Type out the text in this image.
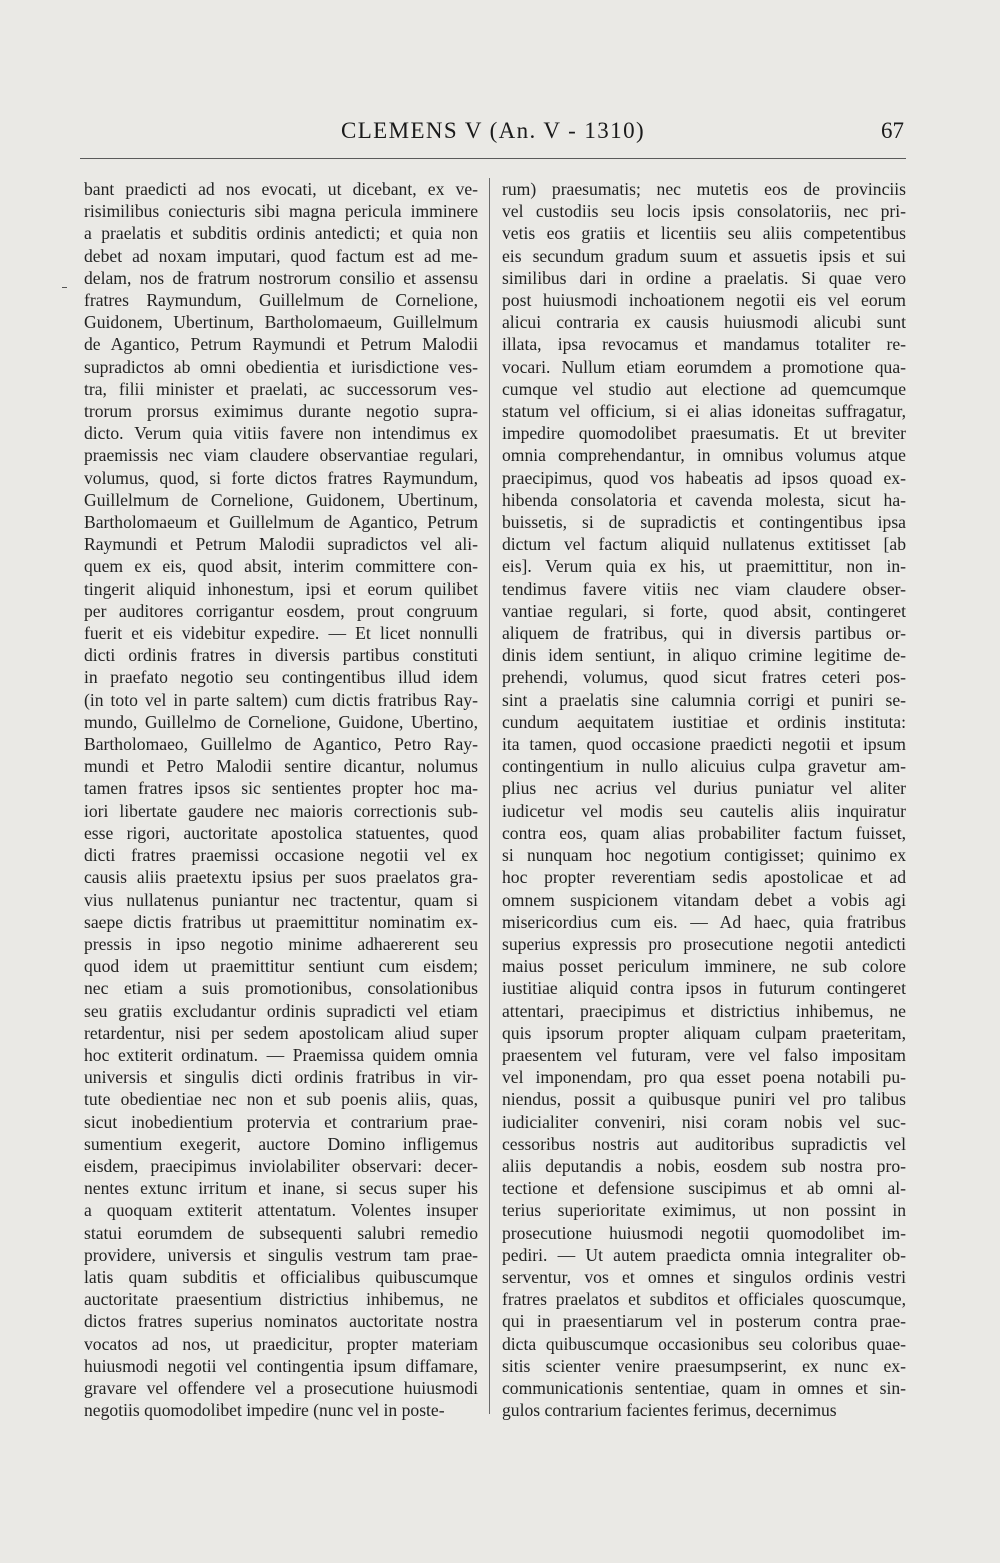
CLEMENS V (An. V - 1310)	67
bant praedicti ad nos evocati, ut dicebant, ex ve-
risimilibus coniecturis sibi magna pericula imminere
a praelatis et subditis ordinis antedicti; et quia non
debet ad noxam imputari, quod factum est ad me-
delam, nos de fratrum nostrorum consilio et assensu
fratres Raymundum, Guillelmum de Cornelione,
Guidonem, Ubertinum, Bartholomaeum, Guillelmum
de Agantico, Petrum Raymundi et Petrum Malodii
supradictos ab omni obedientia et iurisdictione ves-
tra, filii minister et praelati, ac successorum ves-
trorum prorsus eximimus durante negotio supra-
dicto. Verum quia vitiis favere non intendimus ex
praemissis nec viam claudere observantiae regulari,
volumus, quod, si forte dictos fratres Raymundum,
Guillelmum de Cornelione, Guidonem, Ubertinum,
Bartholomaeum et Guillelmum de Agantico, Petrum
Raymundi et Petrum Malodii supradictos vel ali-
quem ex eis, quod absit, interim committere con-
tingerit aliquid inhonestum, ipsi et eorum quilibet
per auditores corrigantur eosdem, prout congruum
fuerit et eis videbitur expedire. — Et licet nonnulli
dicti ordinis fratres in diversis partibus constituti
in praefato negotio seu contingentibus illud idem
(in toto vel in parte saltem) cum dictis fratribus Ray-
mundo, Guillelmo de Cornelione, Guidone, Ubertino,
Bartholomaeo, Guillelmo de Agantico, Petro Ray-
mundi et Petro Malodii sentire dicantur, nolumus
tamen fratres ipsos sic sentientes propter hoc ma-
iori libertate gaudere nec maioris correctionis sub-
esse rigori, auctoritate apostolica statuentes, quod
dicti fratres praemissi occasione negotii vel ex
causis aliis praetextu ipsius per suos praelatos gra-
vius nullatenus puniantur nec tractentur, quam si
saepe dictis fratribus ut praemittitur nominatim ex-
pressis in ipso negotio minime adhaererent seu
quod idem ut praemittitur sentiunt cum eisdem;
nec etiam a suis promotionibus, consolationibus
seu gratiis excludantur ordinis supradicti vel etiam
retardentur, nisi per sedem apostolicam aliud super
hoc extiterit ordinatum. — Praemissa quidem omnia
universis et singulis dicti ordinis fratribus in vir-
tute obedientiae nec non et sub poenis aliis, quas,
sicut inobedientium protervia et contrarium prae-
sumentium exegerit, auctore Domino infligemus
eisdem, praecipimus inviolabiliter observari: decer-
nentes extunc irritum et inane, si secus super his
a quoquam extiterit attentatum. Volentes insuper
statui eorumdem de subsequenti salubri remedio
providere, universis et singulis vestrum tam prae-
latis quam subditis et officialibus quibuscumque
auctoritate praesentium districtius inhibemus, ne
dictos fratres superius nominatos auctoritate nostra
vocatos ad nos, ut praedicitur, propter materiam
huiusmodi negotii vel contingentia ipsum diffamare,
gravare vel offendere vel a prosecutione huiusmodi
negotiis quomodolibet impedire (nunc vel in poste-
rum) praesumatis; nec mutetis eos de provinciis
vel custodiis seu locis ipsis consolatoriis, nec pri-
vetis eos gratiis et licentiis seu aliis competentibus
eis secundum gradum suum et assuetis ipsis et sui
similibus dari in ordine a praelatis. Si quae vero
post huiusmodi inchoationem negotii eis vel eorum
alicui contraria ex causis huiusmodi alicubi sunt
illata, ipsa revocamus et mandamus totaliter re-
vocari. Nullum etiam eorumdem a promotione qua-
cumque vel studio aut electione ad quemcumque
statum vel officium, si ei alias idoneitas suffragatur,
impedire quomodolibet praesumatis. Et ut breviter
omnia comprehendantur, in omnibus volumus atque
praecipimus, quod vos habeatis ad ipsos quoad ex-
hibenda consolatoria et cavenda molesta, sicut ha-
buissetis, si de supradictis et contingentibus ipsa
dictum vel factum aliquid nullatenus extitisset [ab
eis]. Verum quia ex his, ut praemittitur, non in-
tendimus favere vitiis nec viam claudere obser-
vantiae regulari, si forte, quod absit, contingeret
aliquem de fratribus, qui in diversis partibus or-
dinis idem sentiunt, in aliquo crimine legitime de-
prehendi, volumus, quod sicut fratres ceteri pos-
sint a praelatis sine calumnia corrigi et puniri se-
cundum aequitatem iustitiae et ordinis instituta:
ita tamen, quod occasione praedicti negotii et ipsum
contingentium in nullo alicuius culpa gravetur am-
plius nec acrius vel durius puniatur vel aliter
iudicetur vel modis seu cautelis aliis inquiratur
contra eos, quam alias probabiliter factum fuisset,
si nunquam hoc negotium contigisset; quinimo ex
hoc propter reverentiam sedis apostolicae et ad
omnem suspicionem vitandam debet a vobis agi
misericordius cum eis. — Ad haec, quia fratribus
superius expressis pro prosecutione negotii antedicti
maius posset periculum imminere, ne sub colore
iustitiae aliquid contra ipsos in futurum contingeret
attentari, praecipimus et districtius inhibemus, ne
quis ipsorum propter aliquam culpam praeteritam,
praesentem vel futuram, vere vel falso impositam
vel imponendam, pro qua esset poena notabili pu-
niendus, possit a quibusque puniri vel pro talibus
iudicialiter conveniri, nisi coram nobis vel suc-
cessoribus nostris aut auditoribus supradictis vel
aliis deputandis a nobis, eosdem sub nostra pro-
tectione et defensione suscipimus et ab omni al-
terius superioritate eximimus, ut non possint in
prosecutione huiusmodi negotii quomodolibet im-
pediri. — Ut autem praedicta omnia integraliter ob-
serventur, vos et omnes et singulos ordinis vestri
fratres praelatos et subditos et officiales quoscumque,
qui in praesentiarum vel in posterum contra prae-
dicta quibuscumque occasionibus seu coloribus quae-
sitis scienter venire praesumpserint, ex nunc ex-
communicationis sententiae, quam in omnes et sin-
gulos contrarium facientes ferimus, decernimus
